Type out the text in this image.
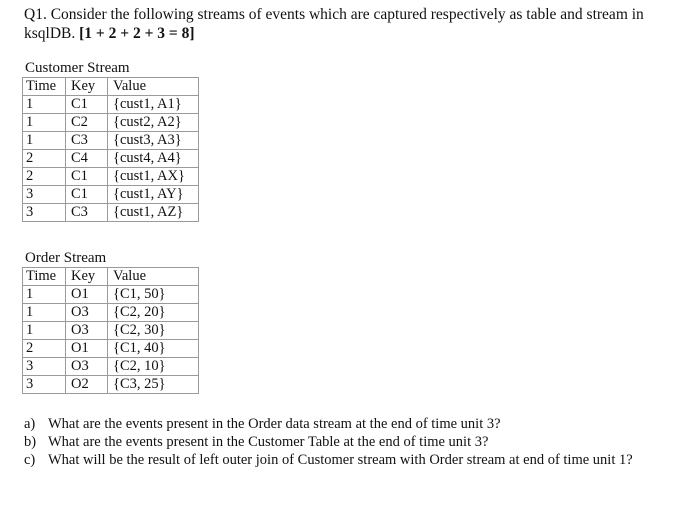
Q1. Consider the following streams of events which are captured respectively as table and stream in ksqlDB. [1 + 2 + 2 + 3 = 8]
Customer Stream
Time	Key	Value
1	C1	{cust1, A1}
1	C2	{cust2, A2}
1	C3	{cust3, A3}
2	C4	{cust4, A4}
2	C1	{cust1, AX}
3	C1	{cust1, AY}
3	C3	{cust1, AZ}
Order Stream
Time	Key	Value
1	O1	{C1, 50}
1	O3	{C2, 20}
1	O3	{C2, 30}
2	O1	{C1, 40}
3	O3	{C2, 10}
3	O2	{C3, 25}
a) What are the events present in the Order data stream at the end of time unit 3?
b) What are the events present in the Customer Table at the end of time unit 3?
c) What will be the result of left outer join of Customer stream with Order stream at end of time unit 1?
